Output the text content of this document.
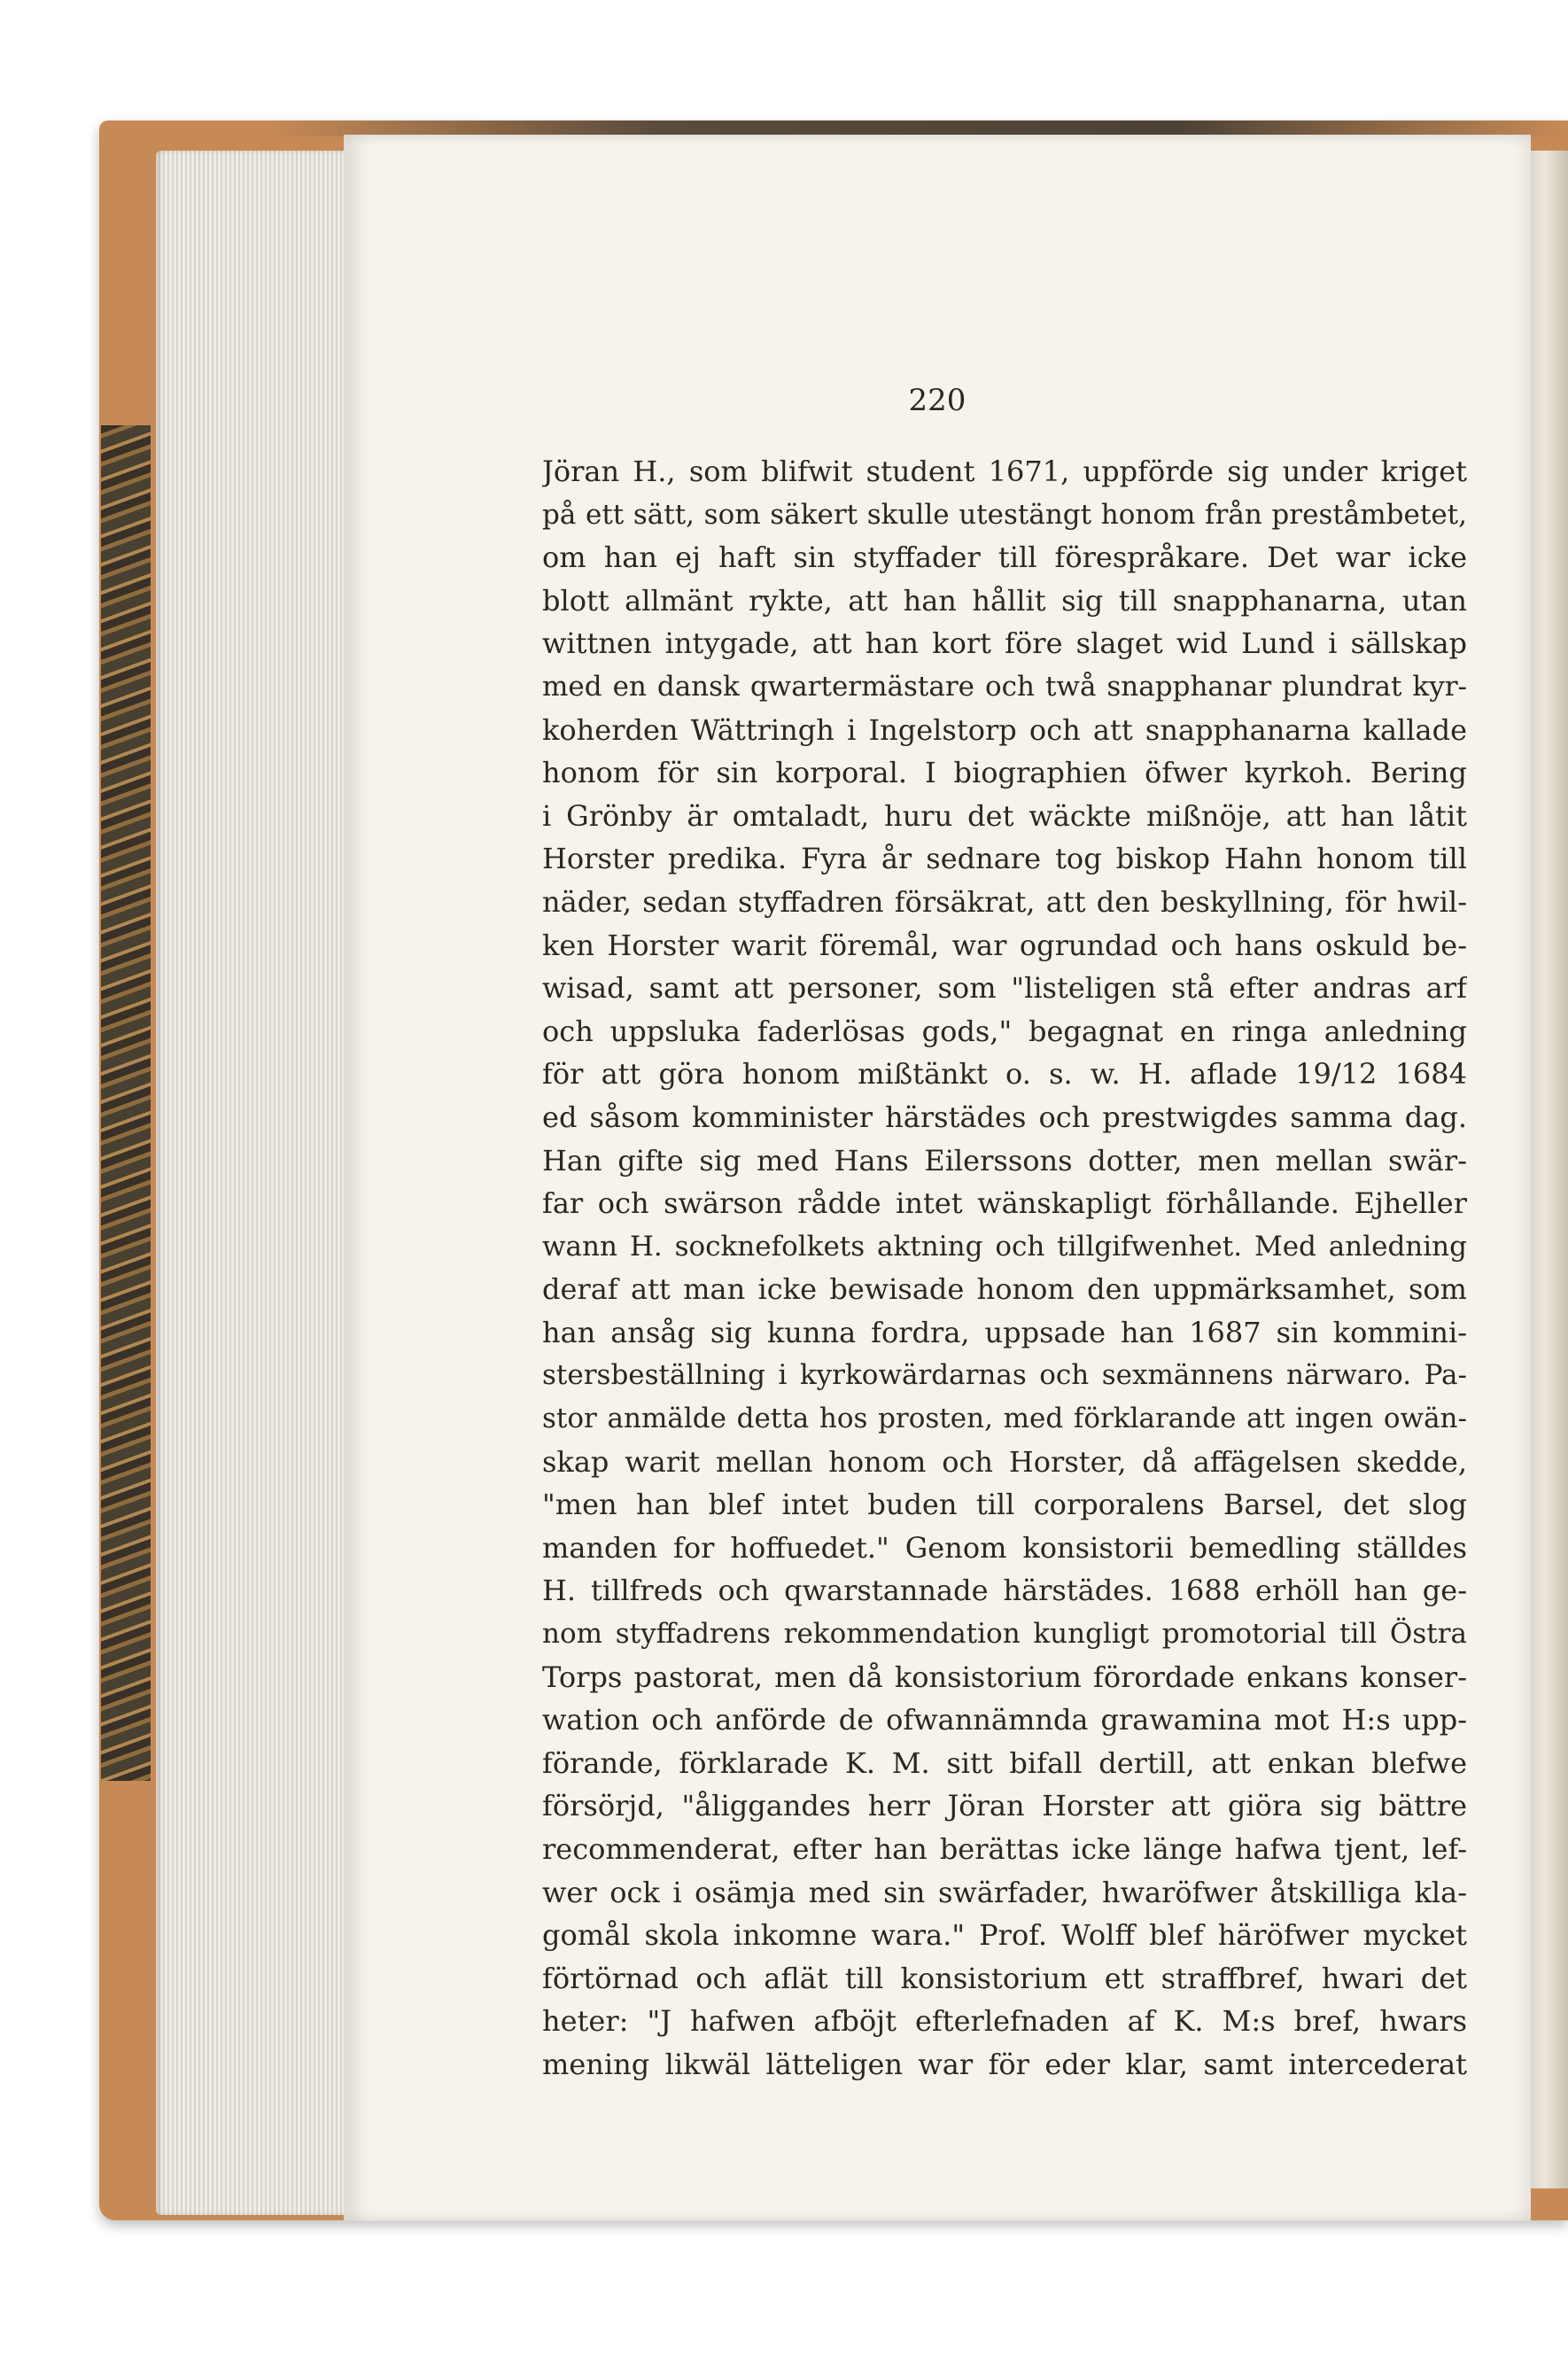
220
Jöran H., som blifwit student 1671, uppförde sig under kriget
på ett sätt, som säkert skulle utestängt honom från preståmbetet,
om han ej haft sin styffader till förespråkare. Det war icke
blott allmänt rykte, att han hållit sig till snapphanarna, utan
wittnen intygade, att han kort före slaget wid Lund i sällskap
med en dansk qwartermästare och twå snapphanar plundrat kyr-
koherden Wättringh i Ingelstorp och att snapphanarna kallade
honom för sin korporal. I biographien öfwer kyrkoh. Bering
i Grönby är omtaladt, huru det wäckte mißnöje, att han låtit
Horster predika. Fyra år sednare tog biskop Hahn honom till
näder, sedan styffadren försäkrat, att den beskyllning, för hwil-
ken Horster warit föremål, war ogrundad och hans oskuld be-
wisad, samt att personer, som "listeligen stå efter andras arf
och uppsluka faderlösas gods," begagnat en ringa anledning
för att göra honom mißtänkt o. s. w. H. aflade 19/12 1684
ed såsom komminister härstädes och prestwigdes samma dag.
Han gifte sig med Hans Eilerssons dotter, men mellan swär-
far och swärson rådde intet wänskapligt förhållande. Ejheller
wann H. socknefolkets aktning och tillgifwenhet. Med anledning
deraf att man icke bewisade honom den uppmärksamhet, som
han ansåg sig kunna fordra, uppsade han 1687 sin kommini-
stersbeställning i kyrkowärdarnas och sexmännens närwaro. Pa-
stor anmälde detta hos prosten, med förklarande att ingen owän-
skap warit mellan honom och Horster, då affägelsen skedde,
"men han blef intet buden till corporalens Barsel, det slog
manden for hoffuedet." Genom konsistorii bemedling ställdes
H. tillfreds och qwarstannade härstädes. 1688 erhöll han ge-
nom styffadrens rekommendation kungligt promotorial till Östra
Torps pastorat, men då konsistorium förordade enkans konser-
wation och anförde de ofwannämnda grawamina mot H:s upp-
förande, förklarade K. M. sitt bifall dertill, att enkan blefwe
försörjd, "åliggandes herr Jöran Horster att giöra sig bättre
recommenderat, efter han berättas icke länge hafwa tjent, lef-
wer ock i osämja med sin swärfader, hwaröfwer åtskilliga kla-
gomål skola inkomne wara." Prof. Wolff blef häröfwer mycket
förtörnad och aflät till konsistorium ett straffbref, hwari det
heter: "J hafwen afböjt efterlefnaden af K. M:s bref, hwars
mening likwäl lätteligen war för eder klar, samt intercederat
